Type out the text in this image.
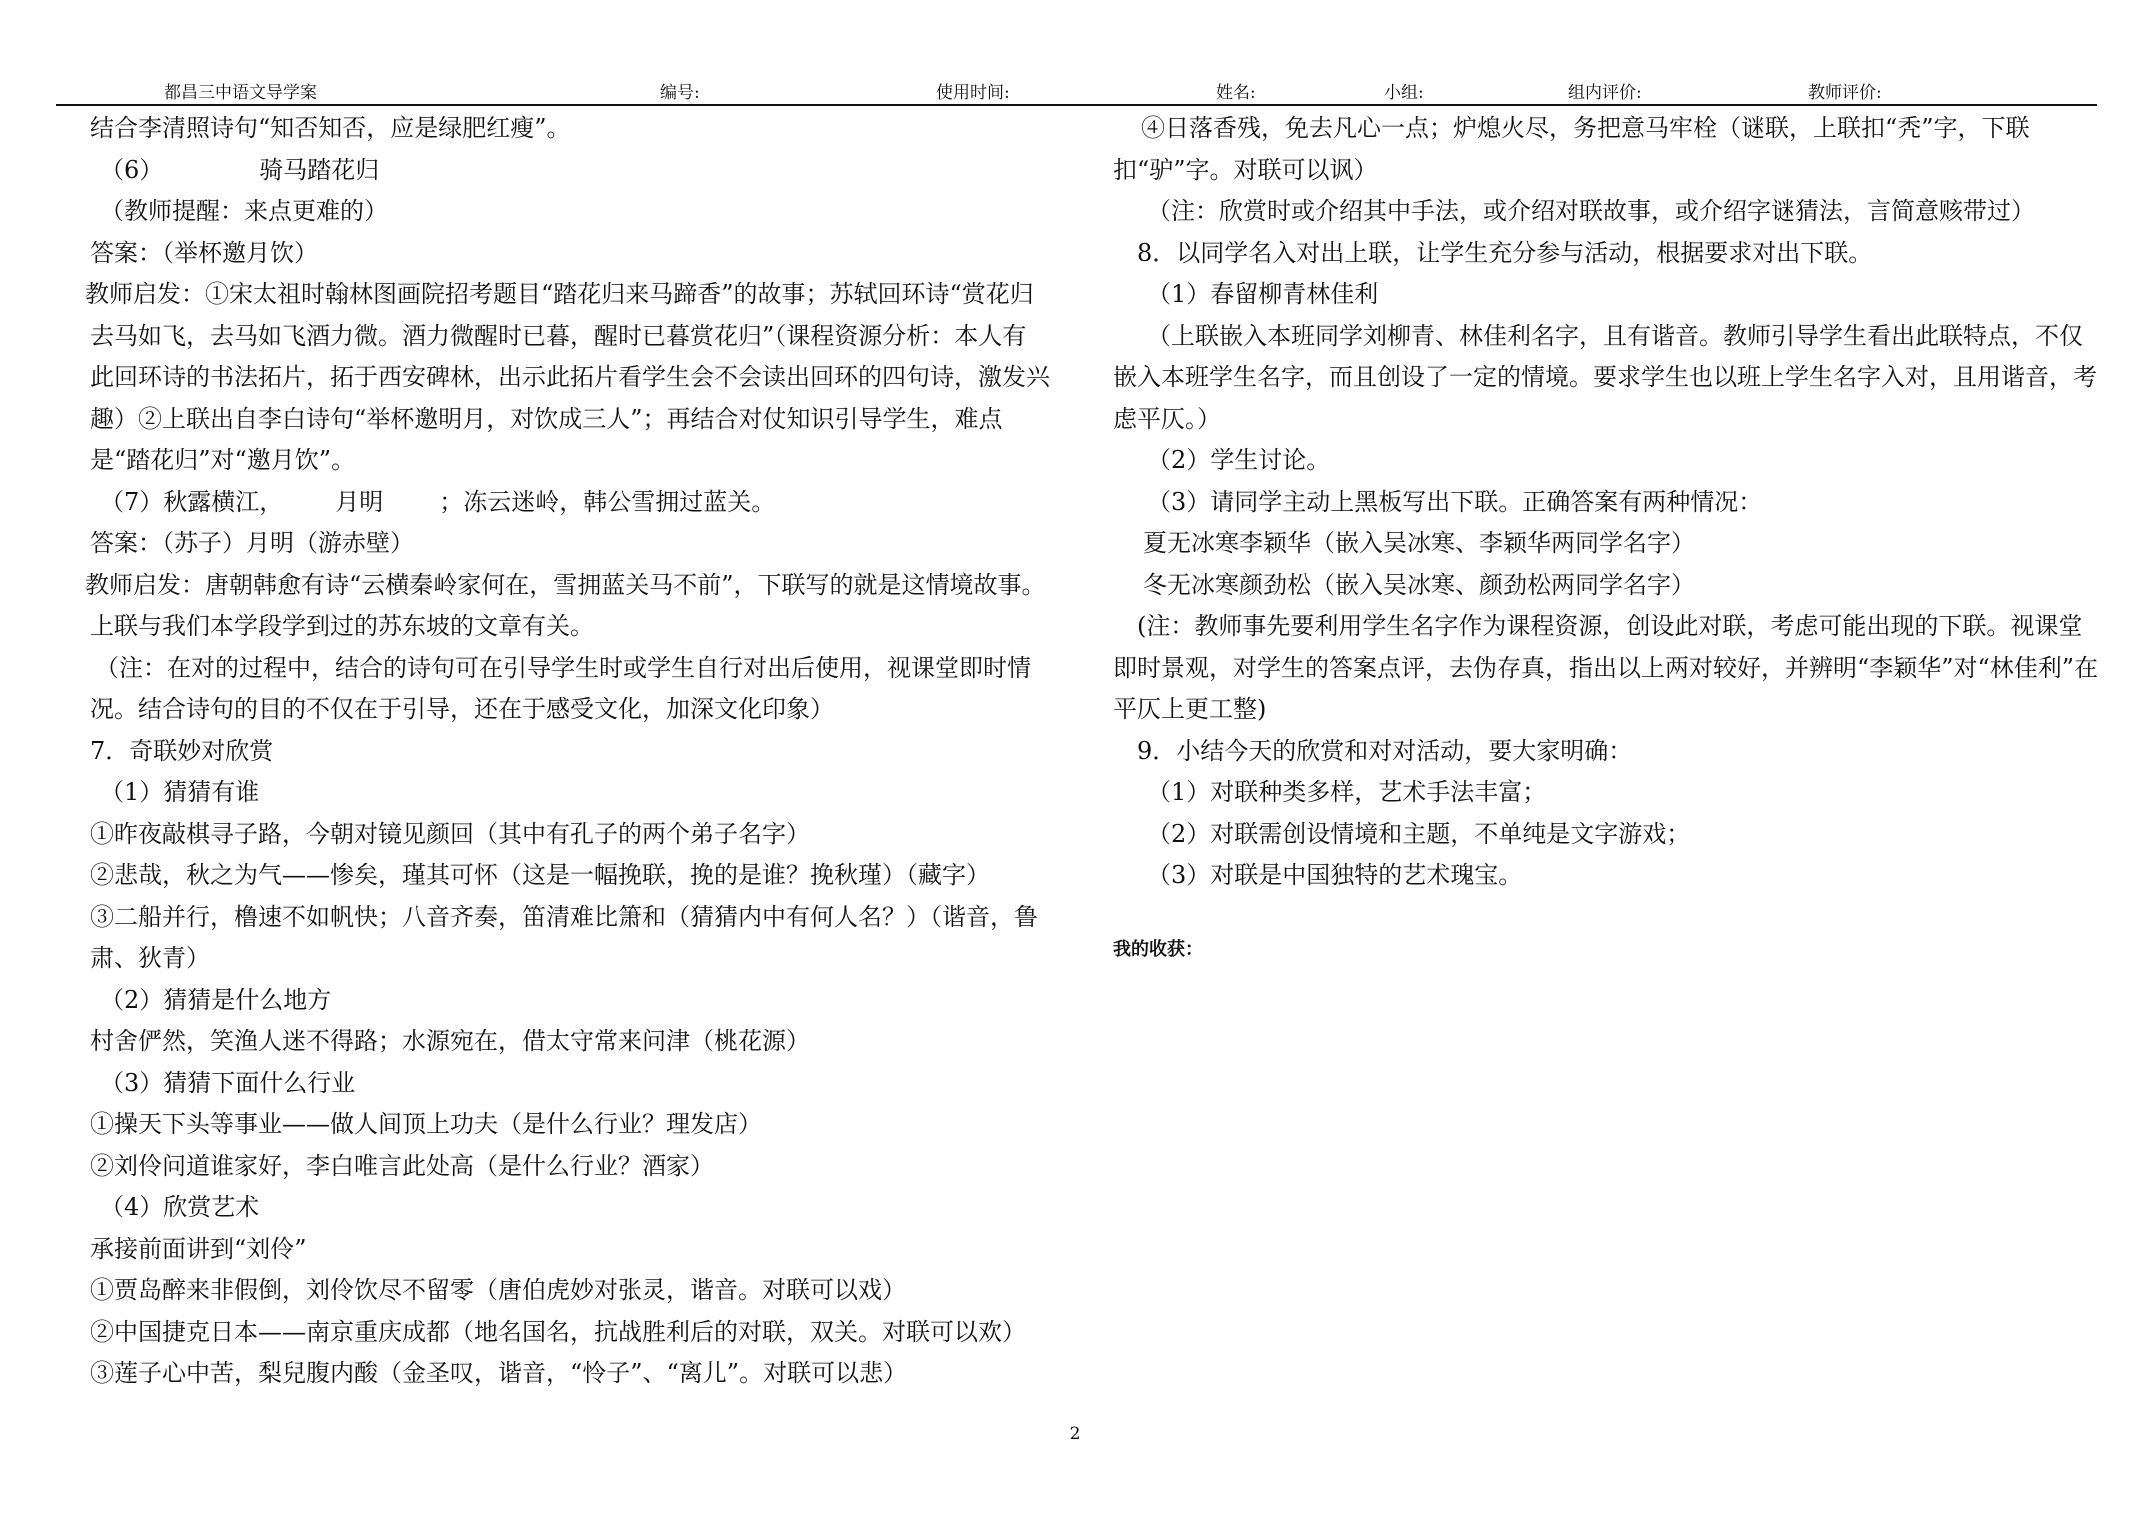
都昌三中语文导学案	编号:	使用时间:	姓名:	小组:	组内评价:	教师评价:

结合李清照诗句“知否知否，应是绿肥红瘦”。

（6）	骑马踏花归

（教师提醒：来点更难的）

答案：（举杯邀月饮）

教师启发：①宋太祖时翰林图画院招考题目“踏花归来马蹄香”的故事；苏轼回环诗“赏花归去马如飞，去马如飞酒力微。酒力微醒时已暮，醒时已暮赏花归”（课程资源分析：本人有此回环诗的书法拓片，拓于西安碑林，出示此拓片看学生会不会读出回环的四句诗，激发兴趣）②上联出自李白诗句“举杯邀明月，对饮成三人”；再结合对仗知识引导学生，难点是“踏花归”对“邀月饮”。

（7）秋露横江， 月明 ；冻云迷岭，韩公雪拥过蓝关。

答案：（苏子）月明（游赤壁）

教师启发：唐朝韩愈有诗“云横秦岭家何在，雪拥蓝关马不前”，下联写的就是这情境故事。上联与我们本学段学到过的苏东坡的文章有关。

（注：在对的过程中，结合的诗句可在引导学生时或学生自行对出后使用，视课堂即时情况。结合诗句的目的不仅在于引导，还在于感受文化，加深文化印象）

7．奇联妙对欣赏

（1）猜猜有谁

①昨夜敲棋寻子路，今朝对镜见颜回（其中有孔子的两个弟子名字）

②悲哉，秋之为气——惨矣，瑾其可怀（这是一幅挽联，挽的是谁？挽秋瑾）（藏字）

③二船并行，橹速不如帆快；八音齐奏，笛清难比箫和（猜猜内中有何人名？）（谐音，鲁肃、狄青）

（2）猜猜是什么地方

村舍俨然，笑渔人迷不得路；水源宛在，借太守常来问津（桃花源）

（3）猜猜下面什么行业

①操天下头等事业——做人间顶上功夫（是什么行业？理发店）

②刘伶问道谁家好，李白唯言此处高（是什么行业？酒家）

（4）欣赏艺术

承接前面讲到“刘伶”

①贾岛醉来非假倒，刘伶饮尽不留零（唐伯虎妙对张灵，谐音。对联可以戏）

②中国捷克日本——南京重庆成都（地名国名，抗战胜利后的对联，双关。对联可以欢）

③莲子心中苦，梨兒腹内酸（金圣叹，谐音，“怜子”、“离儿”。对联可以悲）

④日落香残，免去凡心一点；炉熄火尽，务把意马牢栓（谜联，上联扣“秃”字，下联扣“驴”字。对联可以讽）

（注：欣赏时或介绍其中手法，或介绍对联故事，或介绍字谜猜法，言简意赅带过）

8．以同学名入对出上联，让学生充分参与活动，根据要求对出下联。

（1）春留柳青林佳利

（上联嵌入本班同学刘柳青、林佳利名字，且有谐音。教师引导学生看出此联特点，不仅嵌入本班学生名字，而且创设了一定的情境。要求学生也以班上学生名字入对，且用谐音，考虑平仄。）

（2）学生讨论。

（3）请同学主动上黑板写出下联。正确答案有两种情况：

夏无冰寒李颖华（嵌入吴冰寒、李颖华两同学名字）

冬无冰寒颜劲松（嵌入吴冰寒、颜劲松两同学名字）

(注：教师事先要利用学生名字作为课程资源，创设此对联，考虑可能出现的下联。视课堂即时景观，对学生的答案点评，去伪存真，指出以上两对较好，并辨明“李颖华”对“林佳利”在平仄上更工整)

9．小结今天的欣赏和对对活动，要大家明确：

（1）对联种类多样，艺术手法丰富；

（2）对联需创设情境和主题，不单纯是文字游戏；

（3）对联是中国独特的艺术瑰宝。

我的收获：

2
